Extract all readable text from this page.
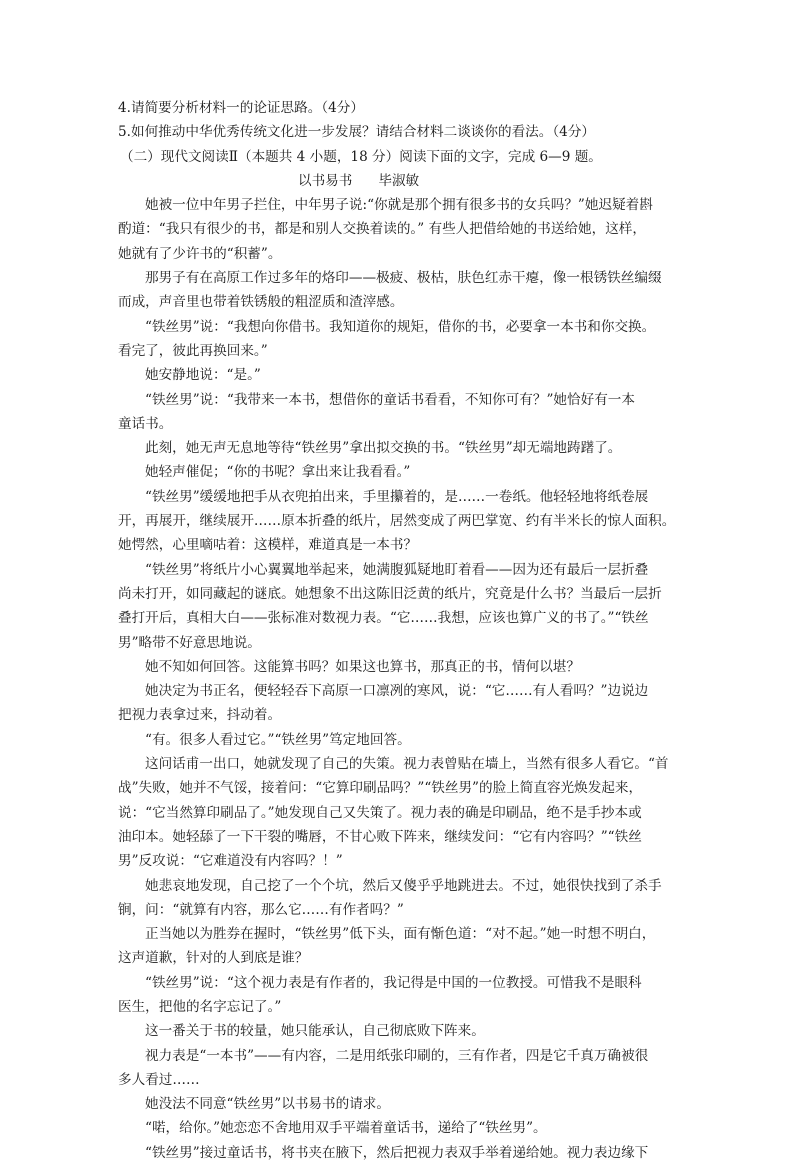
4.请简要分析材料一的论证思路。（4分）
5.如何推动中华优秀传统文化进一步发展？请结合材料二谈谈你的看法。（4分）
（二）现代文阅读Ⅱ（本题共 4 小题，18 分）阅读下面的文字，完成 6—9 题。
以书易书 毕淑敏
她被一位中年男子拦住，中年男子说:“你就是那个拥有很多书的女兵吗？”她迟疑着斟
酌道：“我只有很少的书，都是和别人交换着读的。” 有些人把借给她的书送给她，这样，
她就有了少许书的“积蓄”。
那男子有在高原工作过多年的烙印——极疲、极枯，肤色红赤干瘪，像一根锈铁丝编缀
而成，声音里也带着铁锈般的粗涩质和渣滓感。
“铁丝男”说：“我想向你借书。我知道你的规矩，借你的书，必要拿一本书和你交换。
看完了，彼此再换回来。”
她安静地说：“是。”
“铁丝男”说：“我带来一本书，想借你的童话书看看，不知你可有？”她恰好有一本
童话书。
此刻，她无声无息地等待“铁丝男”拿出拟交换的书。“铁丝男”却无端地踌躇了。
她轻声催促；“你的书呢？拿出来让我看看。”
“铁丝男”缓缓地把手从衣兜拍出来，手里攥着的，是……一卷纸。他轻轻地将纸卷展
开，再展开，继续展开……原本折叠的纸片，居然变成了两巴掌宽、约有半米长的惊人面积。
她愕然，心里嘀咕着：这模样，难道真是一本书？
“铁丝男”将纸片小心翼翼地举起来，她满腹狐疑地盯着看——因为还有最后一层折叠
尚未打开，如同藏起的谜底。她想象不出这陈旧泛黄的纸片，究竟是什么书？当最后一层折
叠打开后，真相大白——张标准对数视力表。“它……我想，应该也算广义的书了。”“铁丝
男”略带不好意思地说。
她不知如何回答。这能算书吗？如果这也算书，那真正的书，情何以堪？
她决定为书正名，便轻轻吞下高原一口凛冽的寒风，说：“它……有人看吗？”边说边
把视力表拿过来，抖动着。
“有。很多人看过它。”“铁丝男”笃定地回答。
这问话甫一出口，她就发现了自己的失策。视力表曾贴在墙上，当然有很多人看它。“首
战”失败，她并不气馁，接着问：“它算印刷品吗？”“铁丝男”的脸上简直容光焕发起来，
说：“它当然算印刷品了。”她发现自己又失策了。视力表的确是印刷品，绝不是手抄本或
油印本。她轻舔了一下干裂的嘴唇，不甘心败下阵来，继续发问：“它有内容吗？”“铁丝
男”反攻说：“它难道没有内容吗？！”
她悲哀地发现，自己挖了一个个坑，然后又傻乎乎地跳进去。不过，她很快找到了杀手
锏，问：“就算有内容，那么它……有作者吗？”
正当她以为胜券在握时，“铁丝男”低下头，面有惭色道：“对不起。”她一时想不明白，
这声道歉，针对的人到底是谁？
“铁丝男”说：“这个视力表是有作者的，我记得是中国的一位教授。可惜我不是眼科
医生，把他的名字忘记了。”
这一番关于书的较量，她只能承认，自己彻底败下阵来。
视力表是“一本书”——有内容，二是用纸张印刷的，三有作者，四是它千真万确被很
多人看过……
她没法不同意“铁丝男”以书易书的请求。
“喏，给你。”她恋恋不舍地用双手平端着童话书，递给了“铁丝男”。
“铁丝男”接过童话书，将书夹在腋下，然后把视力表双手举着递给她。视力表边缘下
